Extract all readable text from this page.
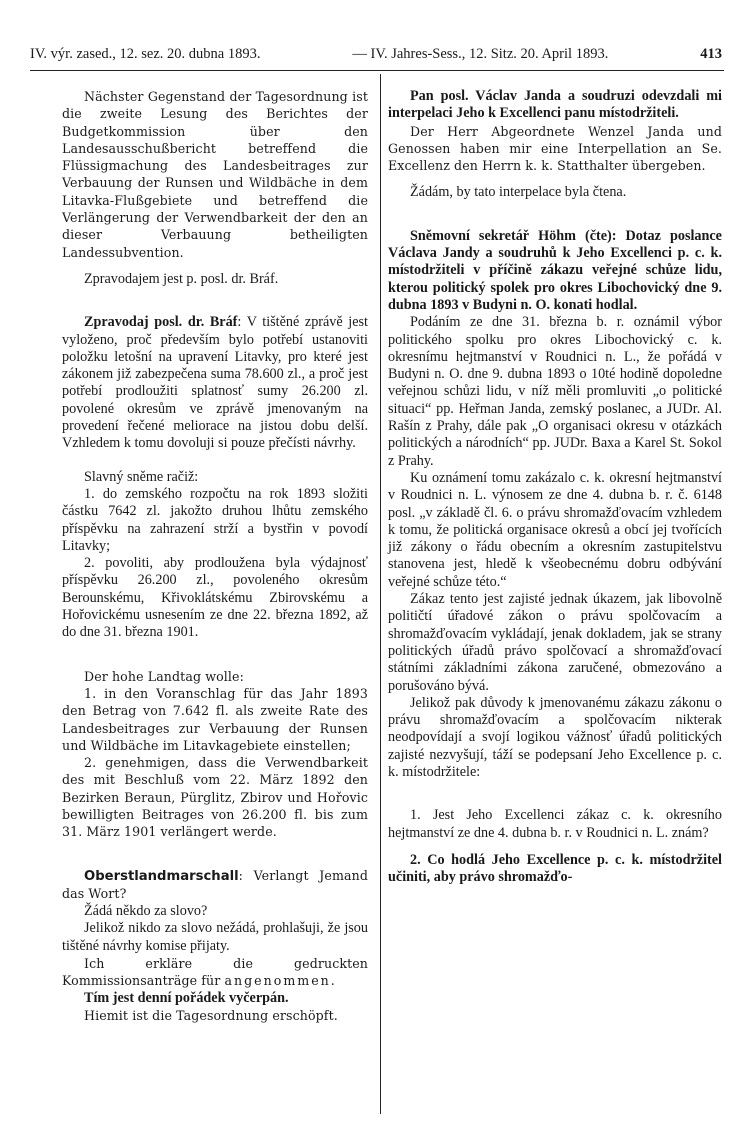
IV. výr. zased., 12. sez. 20. dubna 1893.	— IV. Jahres-Sess., 12. Sitz. 20. April 1893.	413

Nächster Gegenstand der Tagesordnung ist die zweite Lesung des Berichtes der Budgetkommission über den Landesausschußbericht betreffend die Flüssigmachung des Landesbeitrages zur Verbauung der Runsen und Wildbäche in dem Litavka-Flußgebiete und betreffend die Verlängerung der Verwendbarkeit der den an dieser Verbauung betheiligten Landessubvention.

Zpravodajem jest p. posl. dr. Bráf.

Zpravodaj posl. dr. Bráf: V tištěné zprávě jest vyloženo, proč především bylo potřebí ustanoviti položku letošní na upravení Litavky, pro které jest zákonem již zabezpečena suma 78.600 zl., a proč jest potřebí prodloužiti splatnosť sumy 26.200 zl. povolené okresům ve zprávě jmenovaným na provedení řečené meliorace na jistou dobu delší. Vzhledem k tomu dovoluji si pouze přečísti návrhy.

Slavný sněme račiž:

1. do zemského rozpočtu na rok 1893 složiti částku 7642 zl. jakožto druhou lhůtu zemského příspěvku na zahrazení strží a bystřin v povodí Litavky;

2. povoliti, aby prodloužena byla výdajnosť příspěvku 26.200 zl., povoleného okresům Berounskému, Křivoklátskému Zbirovskému a Hořovickému usnesením ze dne 22. března 1892, až do dne 31. března 1901.

Der hohe Landtag wolle:

1. in den Voranschlag für das Jahr 1893 den Betrag von 7.642 fl. als zweite Rate des Landesbeitrages zur Verbauung der Runsen und Wildbäche im Litavkagebiete einstellen;

2. genehmigen, dass die Verwendbarkeit des mit Beschluß vom 22. März 1892 den Bezirken Beraun, Pürglitz, Zbirov und Hořovic bewilligten Beitrages von 26.200 fl. bis zum 31. März 1901 verlängert werde.

Oberstlandmarschall: Verlangt Jemand das Wort?

Žádá někdo za slovo?

Jelikož nikdo za slovo nežádá, prohlašuji, že jsou tištěné návrhy komise přijaty.

Ich erkläre die gedruckten Kommissionsanträge für angenommen.

Tím jest denní pořádek vyčerpán.

Hiemit ist die Tagesordnung erschöpft.

Pan posl. Václav Janda a soudruzi odevzdali mi interpelaci Jeho k Excellenci panu místodržiteli.

Der Herr Abgeordnete Wenzel Janda und Genossen haben mir eine Interpellation an Se. Excellenz den Herrn k. k. Statthalter übergeben.

Žádám, by tato interpelace byla čtena.

Sněmovní sekretář Höhm (čte): Dotaz poslance Václava Jandy a soudruhů k Jeho Excellenci p. c. k. místodržiteli v příčině zákazu veřejné schůze lidu, kterou politický spolek pro okres Libochovický dne 9. dubna 1893 v Budyni n. O. konati hodlal.

Podáním ze dne 31. března b. r. oznámil výbor politického spolku pro okres Libochovický c. k. okresnímu hejtmanství v Roudnici n. L., že pořádá v Budyni n. O. dne 9. dubna 1893 o 10té hodině dopoledne veřejnou schůzi lidu, v níž měli promluviti „o politické situaci“ pp. Heřman Janda, zemský poslanec, a JUDr. Al. Rašín z Prahy, dále pak „O organisaci okresu v otázkách politických a národních“ pp. JUDr. Baxa a Karel St. Sokol z Prahy.

Ku oznámení tomu zakázalo c. k. okresní hejtmanství v Roudnici n. L. výnosem ze dne 4. dubna b. r. č. 6148 posl. „v základě čl. 6. o právu shromažďovacím vzhledem k tomu, že politická organisace okresů a obcí jej tvořících již zákony o řádu obecním a okresním zastupitelstvu stanovena jest, hledě k všeobecnému dobru odbývání veřejné schůze této.“

Zákaz tento jest zajisté jednak úkazem, jak libovolně političtí úřadové zákon o právu spolčovacím a shromažďovacím vykládají, jenak dokladem, jak se strany politických úřadů právo spolčovací a shromažďovací státními základními zákona zaručené, obmezováno a porušováno bývá.

Jelikož pak důvody k jmenovanému zákazu zákonu o právu shromažďovacím a spolčovacím nikterak neodpovídají a svojí logikou vážnosť úřadů politických zajisté nezvyšují, táží se podepsaní Jeho Excellence p. c. k. místodržitele:

1. Jest Jeho Excellenci zákaz c. k. okresního hejtmanství ze dne 4. dubna b. r. v Roudnici n. L. znám?

2. Co hodlá Jeho Excellence p. c. k. místodržitel učiniti, aby právo shromažďo-
